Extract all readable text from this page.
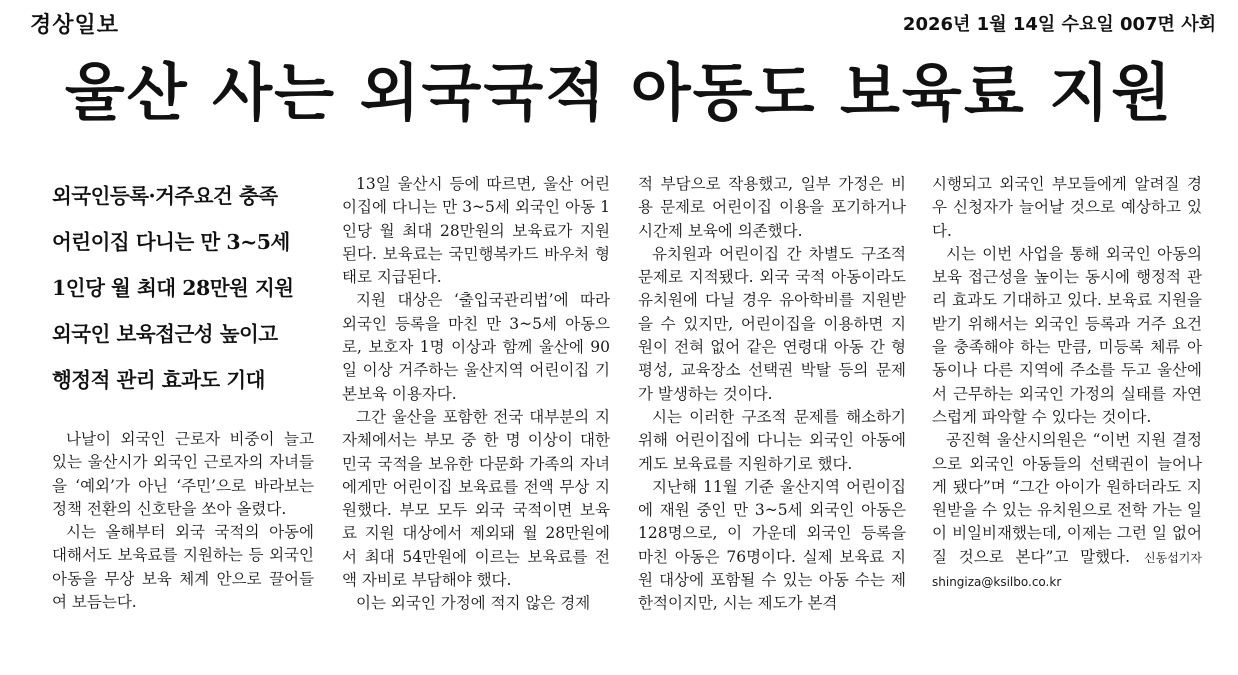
경상일보	2026년 1월 14일 수요일 007면 사회
울산 사는 외국국적 아동도 보육료 지원
외국인등록·거주요건 충족
어린이집 다니는 만 3~5세
1인당 월 최대 28만원 지원
외국인 보육접근성 높이고
행정적 관리 효과도 기대

나날이 외국인 근로자 비중이 늘고 있는 울산시가 외국인 근로자의 자녀들을 ‘예외’가 아닌 ‘주민’으로 바라보는 정책 전환의 신호탄을 쏘아 올렸다.

시는 올해부터 외국 국적의 아동에 대해서도 보육료를 지원하는 등 외국인 아동을 무상 보육 체계 안으로 끌어들여 보듬는다.

13일 울산시 등에 따르면, 울산 어린이집에 다니는 만 3~5세 외국인 아동 1인당 월 최대 28만원의 보육료가 지원된다. 보육료는 국민행복카드 바우처 형태로 지급된다.

지원 대상은 ‘출입국관리법’에 따라 외국인 등록을 마친 만 3~5세 아동으로, 보호자 1명 이상과 함께 울산에 90일 이상 거주하는 울산지역 어린이집 기본보육 이용자다.

그간 울산을 포함한 전국 대부분의 지자체에서는 부모 중 한 명 이상이 대한민국 국적을 보유한 다문화 가족의 자녀에게만 어린이집 보육료를 전액 무상 지원했다. 부모 모두 외국 국적이면 보육료 지원 대상에서 제외돼 월 28만원에서 최대 54만원에 이르는 보육료를 전액 자비로 부담해야 했다.

이는 외국인 가정에 적지 않은 경제

적 부담으로 작용했고, 일부 가정은 비용 문제로 어린이집 이용을 포기하거나 시간제 보육에 의존했다.

유치원과 어린이집 간 차별도 구조적 문제로 지적됐다. 외국 국적 아동이라도 유치원에 다닐 경우 유아학비를 지원받을 수 있지만, 어린이집을 이용하면 지원이 전혀 없어 같은 연령대 아동 간 형평성, 교육장소 선택권 박탈 등의 문제가 발생하는 것이다.

시는 이러한 구조적 문제를 해소하기 위해 어린이집에 다니는 외국인 아동에게도 보육료를 지원하기로 했다.

지난해 11월 기준 울산지역 어린이집에 재원 중인 만 3~5세 외국인 아동은 128명으로, 이 가운데 외국인 등록을 마친 아동은 76명이다. 실제 보육료 지원 대상에 포함될 수 있는 아동 수는 제한적이지만, 시는 제도가 본격

시행되고 외국인 부모들에게 알려질 경우 신청자가 늘어날 것으로 예상하고 있다.

시는 이번 사업을 통해 외국인 아동의 보육 접근성을 높이는 동시에 행정적 관리 효과도 기대하고 있다. 보육료 지원을 받기 위해서는 외국인 등록과 거주 요건을 충족해야 하는 만큼, 미등록 체류 아동이나 다른 지역에 주소를 두고 울산에서 근무하는 외국인 가정의 실태를 자연스럽게 파악할 수 있다는 것이다.

공진혁 울산시의원은 “이번 지원 결정으로 외국인 아동들의 선택권이 늘어나게 됐다”며 “그간 아이가 원하더라도 지원받을 수 있는 유치원으로 전학 가는 일이 비일비재했는데, 이제는 그런 일 없어질 것으로 본다”고 말했다. 신동섭기자 shingiza@ksilbo.co.kr
